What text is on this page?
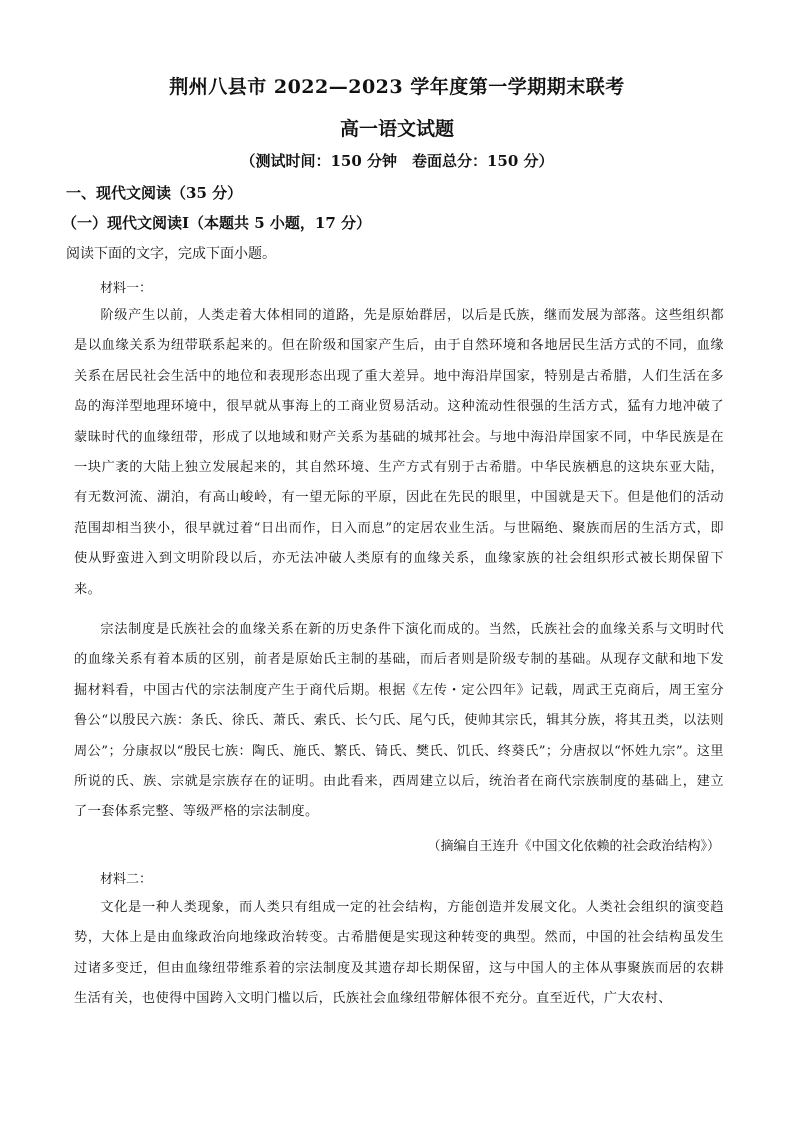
荆州八县市 2022—2023 学年度第一学期期末联考
高一语文试题
（测试时间：150 分钟　卷面总分：150 分）
一、现代文阅读（35 分）
（一）现代文阅读Ⅰ（本题共 5 小题，17 分）
阅读下面的文字，完成下面小题。
材料一：
阶级产生以前，人类走着大体相同的道路，先是原始群居，以后是氏族，继而发展为部落。这些组织都是以血缘关系为纽带联系起来的。但在阶级和国家产生后，由于自然环境和各地居民生活方式的不同，血缘关系在居民社会生活中的地位和表现形态出现了重大差异。地中海沿岸国家，特别是古希腊，人们生活在多岛的海洋型地理环境中，很早就从事海上的工商业贸易活动。这种流动性很强的生活方式，猛有力地冲破了蒙昧时代的血缘纽带，形成了以地域和财产关系为基础的城邦社会。与地中海沿岸国家不同，中华民族是在一块广袤的大陆上独立发展起来的，其自然环境、生产方式有别于古希腊。中华民族栖息的这块东亚大陆，有无数河流、湖泊，有高山峻岭，有一望无际的平原，因此在先民的眼里，中国就是天下。但是他们的活动范围却相当狭小，很早就过着“日出而作，日入而息”的定居农业生活。与世隔绝、聚族而居的生活方式，即使从野蛮进入到文明阶段以后，亦无法冲破人类原有的血缘关系，血缘家族的社会组织形式被长期保留下来。
宗法制度是氏族社会的血缘关系在新的历史条件下演化而成的。当然，氏族社会的血缘关系与文明时代的血缘关系有着本质的区别，前者是原始氏主制的基础，而后者则是阶级专制的基础。从现存文献和地下发掘材料看，中国古代的宗法制度产生于商代后期。根据《左传・定公四年》记载，周武王克商后，周王室分鲁公“以殷民六族：条氏、徐氏、萧氏、索氏、长勺氏、尾勺氏，使帅其宗氏，辑其分族，将其丑类，以法则周公”；分康叔以“殷民七族：陶氏、施氏、繁氏、锜氏、樊氏、饥氏、终葵氏”；分唐叔以“怀姓九宗”。这里所说的氏、族、宗就是宗族存在的证明。由此看来，西周建立以后，统治者在商代宗族制度的基础上，建立了一套体系完整、等级严格的宗法制度。
（摘编自王连升《中国文化依赖的社会政治结构》）
材料二：
文化是一种人类现象，而人类只有组成一定的社会结构，方能创造并发展文化。人类社会组织的演变趋势，大体上是由血缘政治向地缘政治转变。古希腊便是实现这种转变的典型。然而，中国的社会结构虽发生过诸多变迁，但由血缘纽带维系着的宗法制度及其遗存却长期保留，这与中国人的主体从事聚族而居的农耕生活有关，也使得中国跨入文明门槛以后，氏族社会血缘纽带解体很不充分。直至近代，广大农村、
